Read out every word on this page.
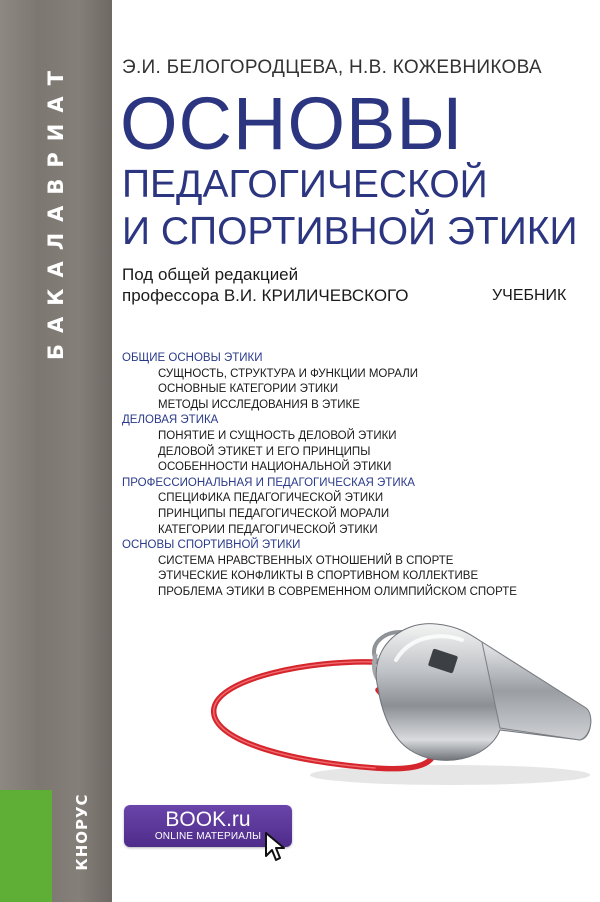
БАКАЛАВРИАТ
КНОРУС
Э.И. БЕЛОГОРОДЦЕВА, Н.В. КОЖЕВНИКОВА
ОСНОВЫ
ПЕДАГОГИЧЕСКОЙ
И СПОРТИВНОЙ ЭТИКИ
Под общей редакцией
профессора В.И. КРИЛИЧЕВСКОГО	УЧЕБНИК
ОБЩИЕ ОСНОВЫ ЭТИКИ
СУЩНОСТЬ, СТРУКТУРА И ФУНКЦИИ МОРАЛИ
ОСНОВНЫЕ КАТЕГОРИИ ЭТИКИ
МЕТОДЫ ИССЛЕДОВАНИЯ В ЭТИКЕ
ДЕЛОВАЯ ЭТИКА
ПОНЯТИЕ И СУЩНОСТЬ ДЕЛОВОЙ ЭТИКИ
ДЕЛОВОЙ ЭТИКЕТ И ЕГО ПРИНЦИПЫ
ОСОБЕННОСТИ НАЦИОНАЛЬНОЙ ЭТИКИ
ПРОФЕССИОНАЛЬНАЯ И ПЕДАГОГИЧЕСКАЯ ЭТИКА
СПЕЦИФИКА ПЕДАГОГИЧЕСКОЙ ЭТИКИ
ПРИНЦИПЫ ПЕДАГОГИЧЕСКОЙ МОРАЛИ
КАТЕГОРИИ ПЕДАГОГИЧЕСКОЙ ЭТИКИ
ОСНОВЫ СПОРТИВНОЙ ЭТИКИ
СИСТЕМА НРАВСТВЕННЫХ ОТНОШЕНИЙ В СПОРТЕ
ЭТИЧЕСКИЕ КОНФЛИКТЫ В СПОРТИВНОМ КОЛЛЕКТИВЕ
ПРОБЛЕМА ЭТИКИ В СОВРЕМЕННОМ ОЛИМПИЙСКОМ СПОРТЕ
BOOK.ru
ONLINE МАТЕРИАЛЫ
